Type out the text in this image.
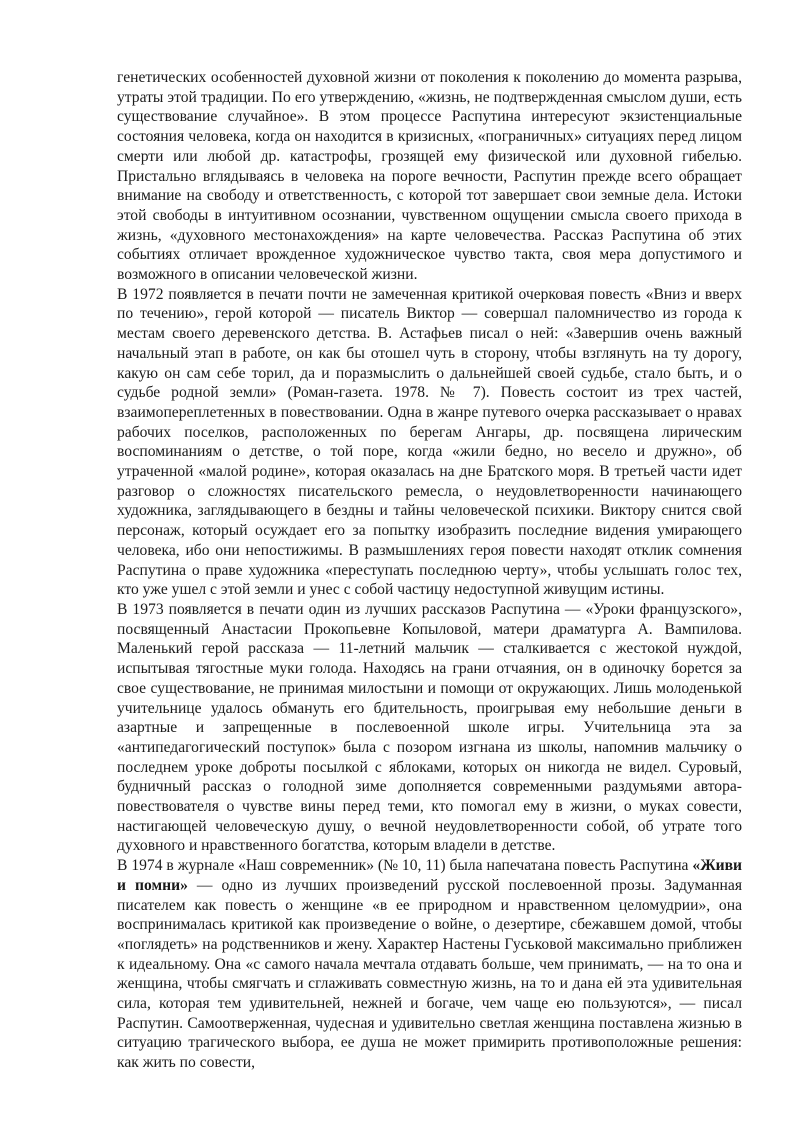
генетических особенностей духовной жизни от поколения к поколению до момента разрыва, утраты этой традиции. По его утверждению, «жизнь, не подтвержденная смыслом души, есть существование случайное». В этом процессе Распутина интересуют экзистенциальные состояния человека, когда он находится в кризисных, «пограничных» ситуациях перед лицом смерти или любой др. катастрофы, грозящей ему физической или духовной гибелью. Пристально вглядываясь в человека на пороге вечности, Распутин прежде всего обращает внимание на свободу и ответственность, с которой тот завершает свои земные дела. Истоки этой свободы в интуитивном осознании, чувственном ощущении смысла своего прихода в жизнь, «духовного местонахождения» на карте человечества. Рассказ Распутина об этих событиях отличает врожденное художническое чувство такта, своя мера допустимого и возможного в описании человеческой жизни.

В 1972 появляется в печати почти не замеченная критикой очерковая повесть «Вниз и вверх по течению», герой которой — писатель Виктор — совершал паломничество из города к местам своего деревенского детства. В. Астафьев писал о ней: «Завершив очень важный начальный этап в работе, он как бы отошел чуть в сторону, чтобы взглянуть на ту дорогу, какую он сам себе торил, да и поразмыслить о дальнейшей своей судьбе, стало быть, и о судьбе родной земли» (Роман-газета. 1978. № 7). Повесть состоит из трех частей, взаимопереплетенных в повествовании. Одна в жанре путевого очерка рассказывает о нравах рабочих поселков, расположенных по берегам Ангары, др. посвящена лирическим воспоминаниям о детстве, о той поре, когда «жили бедно, но весело и дружно», об утраченной «малой родине», которая оказалась на дне Братского моря. В третьей части идет разговор о сложностях писательского ремесла, о неудовлетворенности начинающего художника, заглядывающего в бездны и тайны человеческой психики. Виктору снится свой персонаж, который осуждает его за попытку изобразить последние видения умирающего человека, ибо они непостижимы. В размышлениях героя повести находят отклик сомнения Распутина о праве художника «переступать последнюю черту», чтобы услышать голос тех, кто уже ушел с этой земли и унес с собой частицу недоступной живущим истины.

В 1973 появляется в печати один из лучших рассказов Распутина — «Уроки французского», посвященный Анастасии Прокопьевне Копыловой, матери драматурга А. Вампилова. Маленький герой рассказа — 11-летний мальчик — сталкивается с жестокой нуждой, испытывая тягостные муки голода. Находясь на грани отчаяния, он в одиночку борется за свое существование, не принимая милостыни и помощи от окружающих. Лишь молоденькой учительнице удалось обмануть его бдительность, проигрывая ему небольшие деньги в азартные и запрещенные в послевоенной школе игры. Учительница эта за «антипедагогический поступок» была с позором изгнана из школы, напомнив мальчику о последнем уроке доброты посылкой с яблоками, которых он никогда не видел. Суровый, будничный рассказ о голодной зиме дополняется современными раздумьями автора-повествователя о чувстве вины перед теми, кто помогал ему в жизни, о муках совести, настигающей человеческую душу, о вечной неудовлетворенности собой, об утрате того духовного и нравственного богатства, которым владели в детстве.

В 1974 в журнале «Наш современник» (№ 10, 11) была напечатана повесть Распутина «Живи и помни» — одно из лучших произведений русской послевоенной прозы. Задуманная писателем как повесть о женщине «в ее природном и нравственном целомудрии», она воспринималась критикой как произведение о войне, о дезертире, сбежавшем домой, чтобы «поглядеть» на родственников и жену. Характер Настены Гуськовой максимально приближен к идеальному. Она «с самого начала мечтала отдавать больше, чем принимать, — на то она и женщина, чтобы смягчать и сглаживать совместную жизнь, на то и дана ей эта удивительная сила, которая тем удивительней, нежней и богаче, чем чаще ею пользуются», — писал Распутин. Самоотверженная, чудесная и удивительно светлая женщина поставлена жизнью в ситуацию трагического выбора, ее душа не может примирить противоположные решения: как жить по совести,
